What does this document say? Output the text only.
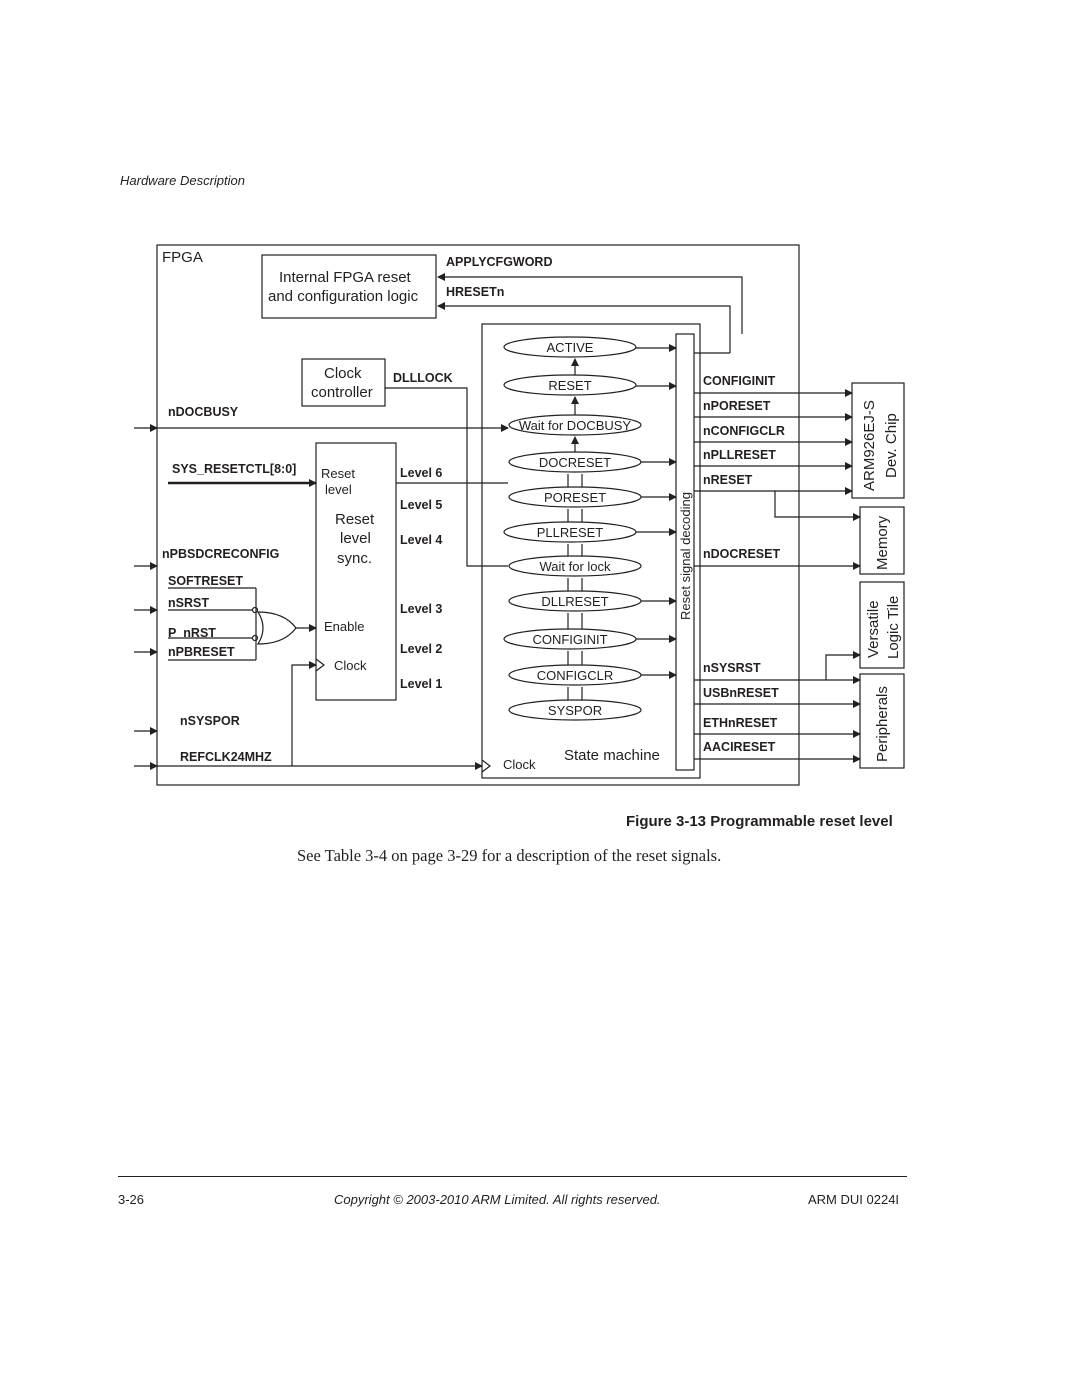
Hardware Description
FPGA
Internal FPGA reset
and configuration logic
APPLYCFGWORD
HRESETn
Clock
controller
DLLLOCK
nDOCBUSY
SYS_RESETCTL[8:0]
nPBSDCRECONFIG
SOFTRESET
nSRST
P_nRST
nPBRESET
nSYSPOR
REFCLK24MHZ
Reset
level
Reset
level
sync.
Enable
Clock
Level 6
Level 5
Level 4
Level 3
Level 2
Level 1
ACTIVE
RESET
Wait for DOCBUSY
DOCRESET
PORESET
PLLRESET
Wait for lock
DLLRESET
CONFIGINIT
CONFIGCLR
SYSPOR
State machine
Clock
Reset signal decoding
CONFIGINIT
nPORESET
nCONFIGCLR
nPLLRESET
nRESET
nDOCRESET
nSYSRST
USBnRESET
ETHnRESET
AACIRESET
ARM926EJ-S Dev. Chip
Memory
Versatile Logic Tile
Peripherals
Figure 3-13 Programmable reset level
See Table 3-4 on page 3-29 for a description of the reset signals.
3-26	Copyright © 2003-2010 ARM Limited. All rights reserved.	ARM DUI 0224I
